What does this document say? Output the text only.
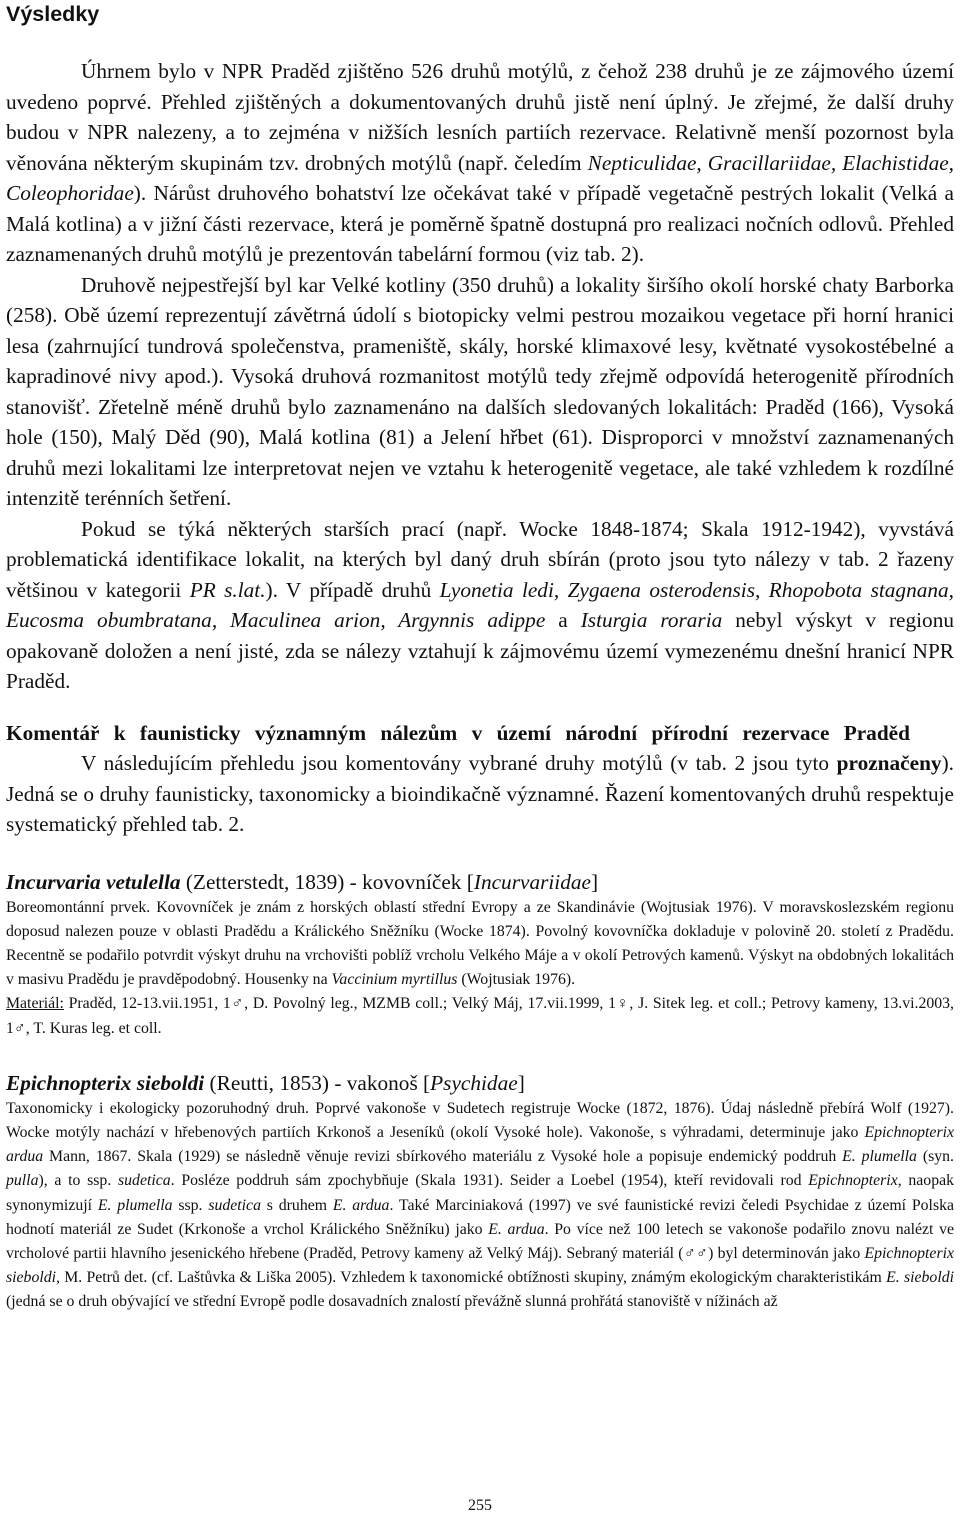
Výsledky

Úhrnem bylo v NPR Praděd zjištěno 526 druhů motýlů, z čehož 238 druhů je ze zájmového území uvedeno poprvé. Přehled zjištěných a dokumentovaných druhů jistě není úplný. Je zřejmé, že další druhy budou v NPR nalezeny, a to zejména v nižších lesních partiích rezervace. Relativně menší pozornost byla věnována některým skupinám tzv. drobných motýlů (např. čeledím Nepticulidae, Gracillariidae, Elachistidae, Coleophoridae). Nárůst druhového bohatství lze očekávat také v případě vegetačně pestrých lokalit (Velká a Malá kotlina) a v jižní části rezervace, která je poměrně špatně dostupná pro realizaci nočních odlovů. Přehled zaznamenaných druhů motýlů je prezentován tabelární formou (viz tab. 2).

Druhově nejpestřejší byl kar Velké kotliny (350 druhů) a lokality širšího okolí horské chaty Barborka (258). Obě území reprezentují závětrná údolí s biotopicky velmi pestrou mozaikou vegetace při horní hranici lesa (zahrnující tundrová společenstva, prameniště, skály, horské klimaxové lesy, květnaté vysokostébelné a kapradinové nivy apod.). Vysoká druhová rozmanitost motýlů tedy zřejmě odpovídá heterogenitě přírodních stanovišť. Zřetelně méně druhů bylo zaznamenáno na dalších sledovaných lokalitách: Praděd (166), Vysoká hole (150), Malý Děd (90), Malá kotlina (81) a Jelení hřbet (61). Disproporci v množství zaznamenaných druhů mezi lokalitami lze interpretovat nejen ve vztahu k heterogenitě vegetace, ale také vzhledem k rozdílné intenzitě terénních šetření.

Pokud se týká některých starších prací (např. Wocke 1848-1874; Skala 1912-1942), vyvstává problematická identifikace lokalit, na kterých byl daný druh sbírán (proto jsou tyto nálezy v tab. 2 řazeny většinou v kategorii PR s.lat.). V případě druhů Lyonetia ledi, Zygaena osterodensis, Rhopobota stagnana, Eucosma obumbratana, Maculinea arion, Argynnis adippe a Isturgia roraria nebyl výskyt v regionu opakovaně doložen a není jisté, zda se nálezy vztahují k zájmovému území vymezenému dnešní hranicí NPR Praděd.

Komentář k faunisticky významným nálezům v území národní přírodní rezervace Praděd

V následujícím přehledu jsou komentovány vybrané druhy motýlů (v tab. 2 jsou tyto proznačeny). Jedná se o druhy faunisticky, taxonomicky a bioindikačně významné. Řazení komentovaných druhů respektuje systematický přehled tab. 2.

Incurvaria vetulella (Zetterstedt, 1839) - kovovníček [Incurvariidae]

Boreomontánní prvek. Kovovníček je znám z horských oblastí střední Evropy a ze Skandinávie (Wojtusiak 1976). V moravskoslezském regionu doposud nalezen pouze v oblasti Pradědu a Králického Sněžníku (Wocke 1874). Povolný kovovníčka dokladuje v polovině 20. století z Pradědu. Recentně se podařilo potvrdit výskyt druhu na vrchovišti poblíž vrcholu Velkého Máje a v okolí Petrových kamenů. Výskyt na obdobných lokalitách v masivu Pradědu je pravděpodobný. Housenky na Vaccinium myrtillus (Wojtusiak 1976).

Materiál: Praděd, 12-13.vii.1951, 1♂, D. Povolný leg., MZMB coll.; Velký Máj, 17.vii.1999, 1♀, J. Sitek leg. et coll.; Petrovy kameny, 13.vi.2003, 1♂, T. Kuras leg. et coll.

Epichnopterix sieboldi (Reutti, 1853) - vakonoš [Psychidae]

Taxonomicky i ekologicky pozoruhodný druh. Poprvé vakonoše v Sudetech registruje Wocke (1872, 1876). Údaj následně přebírá Wolf (1927). Wocke motýly nachází v hřebenových partiích Krkonoš a Jeseníků (okolí Vysoké hole). Vakonoše, s výhradami, determinuje jako Epichnopterix ardua Mann, 1867. Skala (1929) se následně věnuje revizi sbírkového materiálu z Vysoké hole a popisuje endemický poddruh E. plumella (syn. pulla), a to ssp. sudetica. Posléze poddruh sám zpochybňuje (Skala 1931). Seider a Loebel (1954), kteří revidovali rod Epichnopterix, naopak synonymizují E. plumella ssp. sudetica s druhem E. ardua. Také Marciniaková (1997) ve své faunistické revizi čeledi Psychidae z území Polska hodnotí materiál ze Sudet (Krkonoše a vrchol Králického Sněžníku) jako E. ardua. Po více než 100 letech se vakonoše podařilo znovu nalézt ve vrcholové partii hlavního jesenického hřebene (Praděd, Petrovy kameny až Velký Máj). Sebraný materiál (♂♂) byl determinován jako Epichnopterix sieboldi, M. Petrů det. (cf. Laštůvka & Liška 2005). Vzhledem k taxonomické obtížnosti skupiny, známým ekologickým charakteristikám E. sieboldi (jedná se o druh obývající ve střední Evropě podle dosavadních znalostí převážně slunná prohřátá stanoviště v nížinách až

255
